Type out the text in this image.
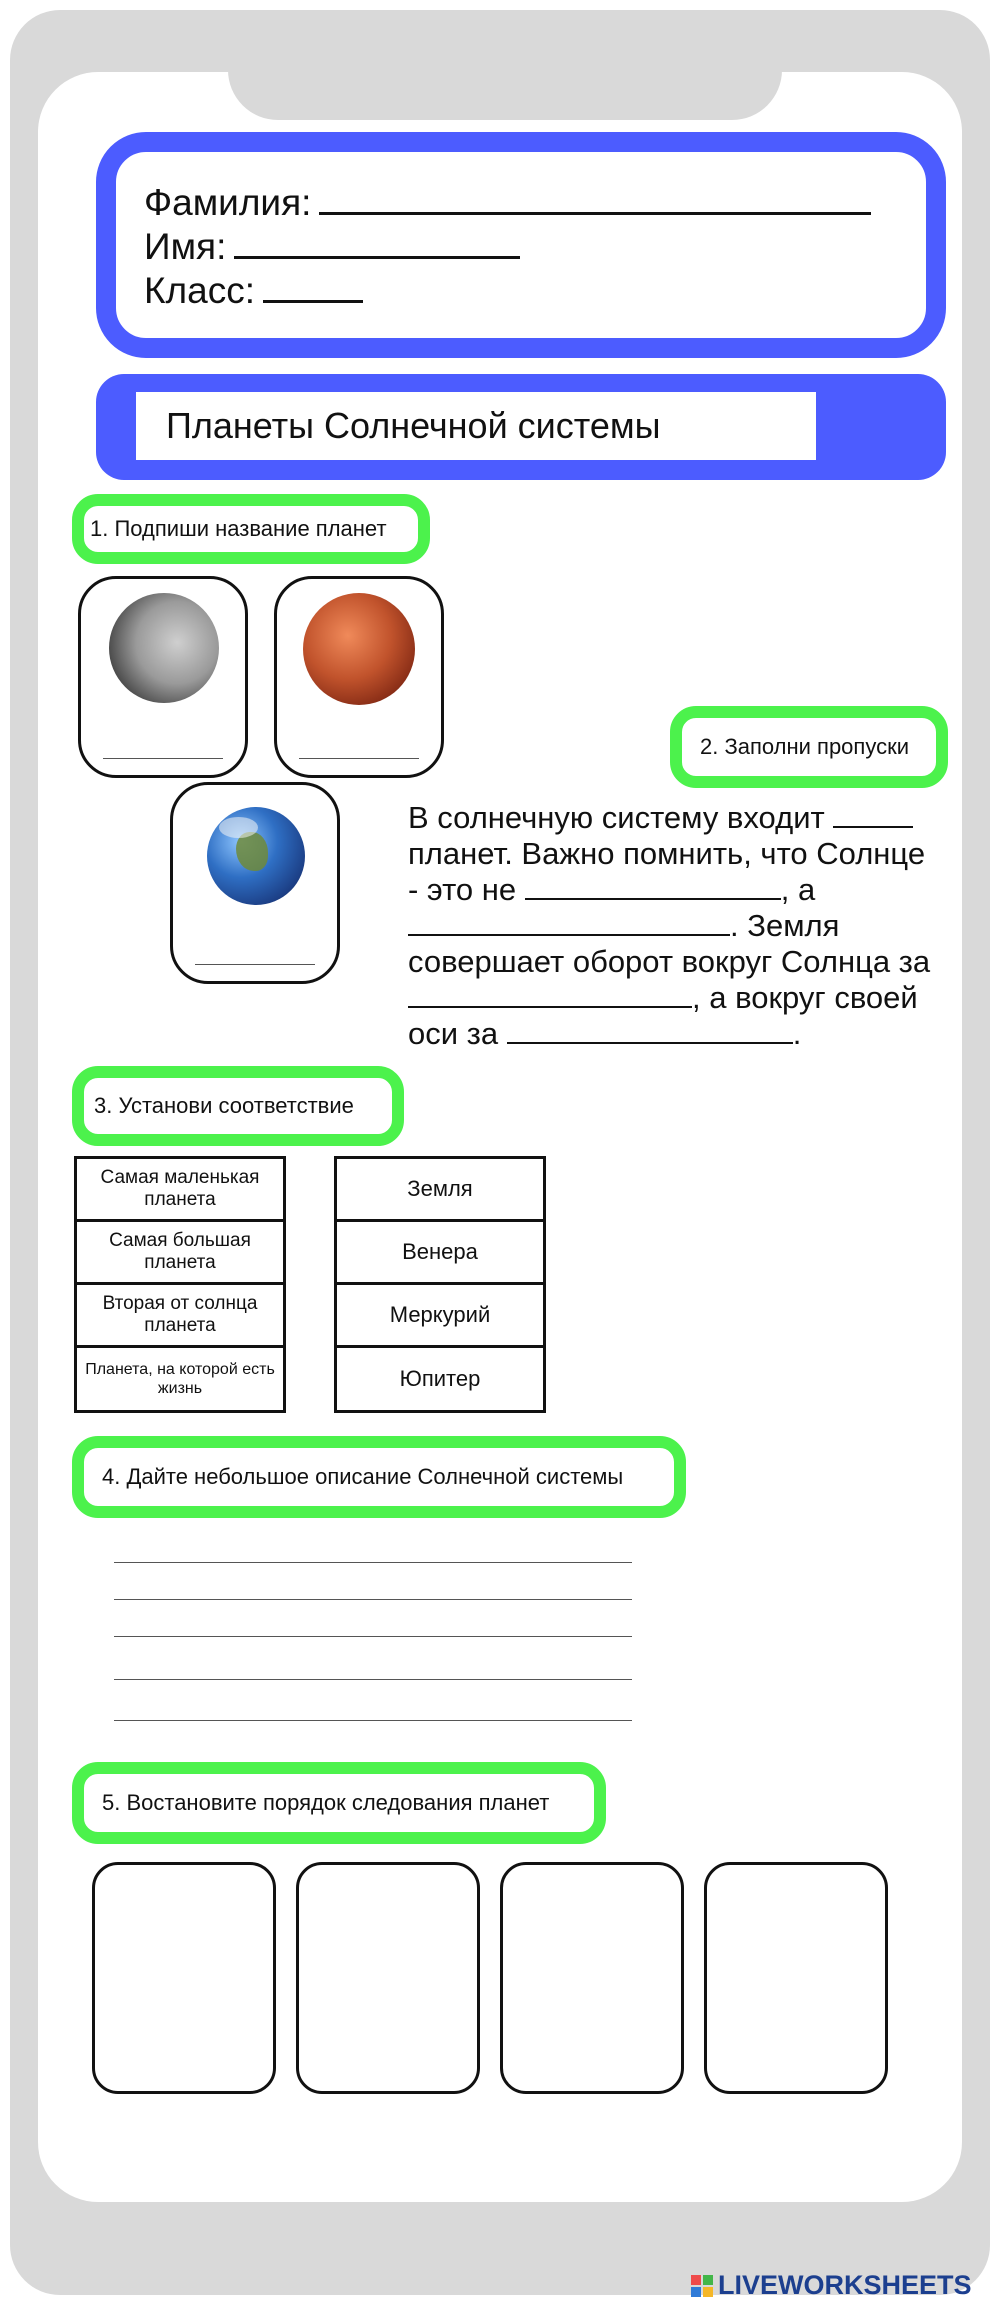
Фамилия:
Имя:
Класс:
Планеты Солнечной системы
1. Подпиши название планет
2. Заполни пропуски
В солнечную систему входит
планет. Важно помнить, что Солнце
- это не	, а
. Земля
совершает оборот вокруг Солнца за
, а вокруг своей
оси за	.
3. Установи соответствие
Самая маленькая планета
Самая большая планета
Вторая от солнца планета
Планета, на которой есть жизнь
Земля
Венера
Меркурий
Юпитер
4. Дайте небольшое описание Солнечной системы
5. Востановите порядок следования планет
LIVEWORKSHEETS
